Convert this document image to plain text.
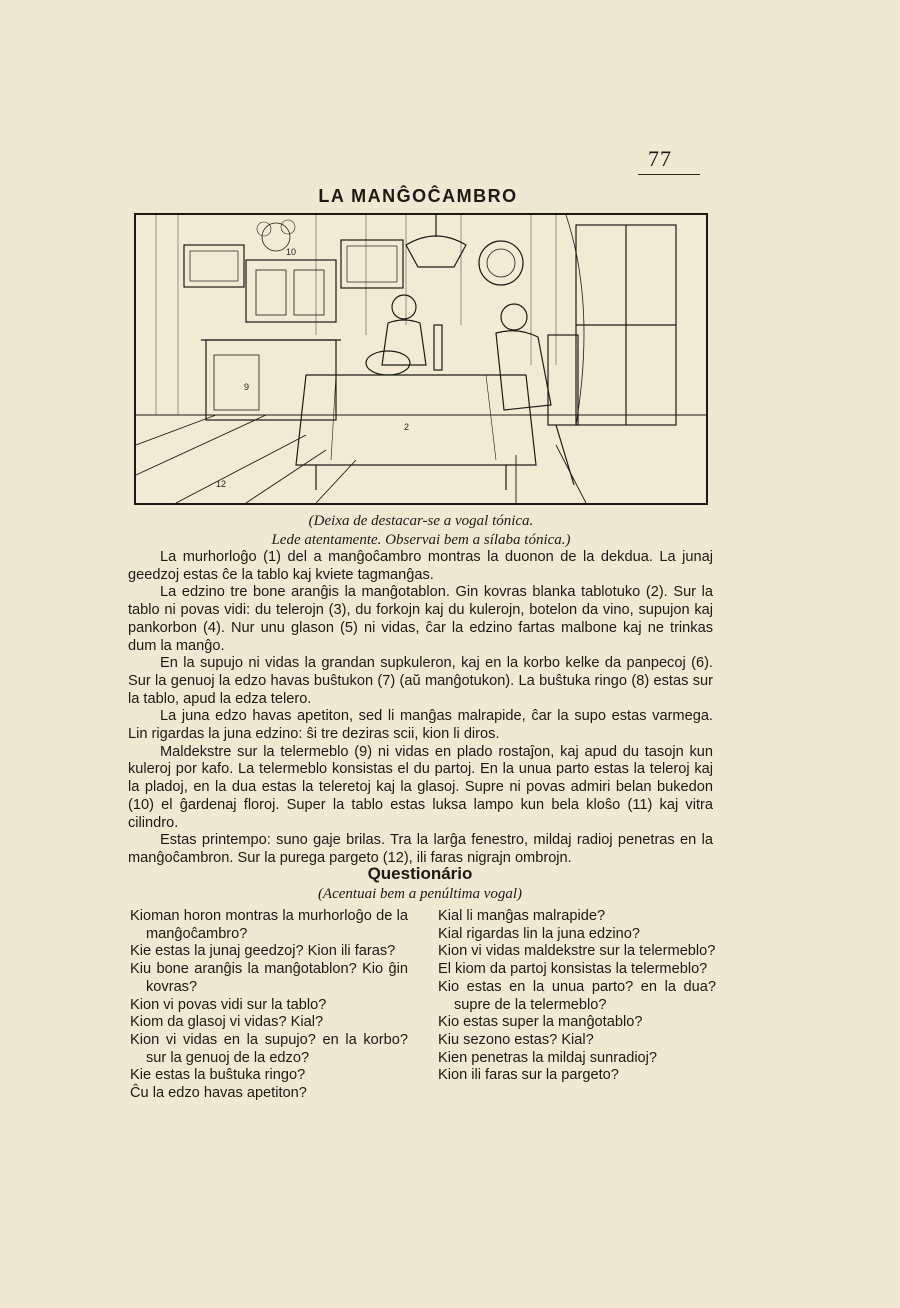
77
LA MANĜOĈAMBRO
9
10
2
12
(Deixa de destacar-se a vogal tónica.
Lede atentamente. Observai bem a sílaba tónica.)

La murhorloĝo (1) del a manĝoĉambro montras la duonon de la dekdua. La junaj geedzoj estas ĉe la tablo kaj kviete tagmanĝas.

La edzino tre bone aranĝis la manĝotablon. Gin kovras blanka tablotuko (2). Sur la tablo ni povas vidi: du telerojn (3), du forkojn kaj du kulerojn, botelon da vino, supujon kaj pankorbon (4). Nur unu glason (5) ni vidas, ĉar la edzino fartas malbone kaj ne trinkas dum la manĝo.

En la supujo ni vidas la grandan supkuleron, kaj en la korbo kelke da panpecoj (6). Sur la genuoj la edzo havas buŝtukon (7) (aŭ manĝotukon). La buŝtuka ringo (8) estas sur la tablo, apud la edza telero.

La juna edzo havas apetiton, sed li manĝas malrapide, ĉar la supo estas varmega. Lin rigardas la juna edzino: ŝi tre deziras scii, kion li diros.

Maldekstre sur la telermeblo (9) ni vidas en plado rostaĵon, kaj apud du tasojn kun kuleroj por kafo. La telermeblo konsistas el du partoj. En la unua parto estas la teleroj kaj la pladoj, en la dua estas la teleretoj kaj la glasoj. Supre ni povas admiri belan bukedon (10) el ĝardenaj floroj. Super la tablo estas luksa lampo kun bela kloŝo (11) kaj vitra cilindro.

Estas printempo: suno gaje brilas. Tra la larĝa fenestro, mildaj radioj penetras en la manĝoĉambron. Sur la purega pargeto (12), ili faras nigrajn ombrojn.

Questionário
(Acentuai bem a penúltima vogal)
Kioman horon montras la murhorloĝo de la manĝoĉambro?
Kie estas la junaj geedzoj? Kion ili faras?
Kiu bone aranĝis la manĝotablon? Kio ĝin kovras?
Kion vi povas vidi sur la tablo?
Kiom da glasoj vi vidas? Kial?
Kion vi vidas en la supujo? en la korbo? sur la genuoj de la edzo?
Kie estas la buŝtuka ringo?
Ĉu la edzo havas apetiton?
Kial li manĝas malrapide?
Kial rigardas lin la juna edzino?
Kion vi vidas maldekstre sur la telermeblo?
El kiom da partoj konsistas la telermeblo?
Kio estas en la unua parto? en la dua? supre de la telermeblo?
Kio estas super la manĝotablo?
Kiu sezono estas? Kial?
Kien penetras la mildaj sunradioj?
Kion ili faras sur la pargeto?
